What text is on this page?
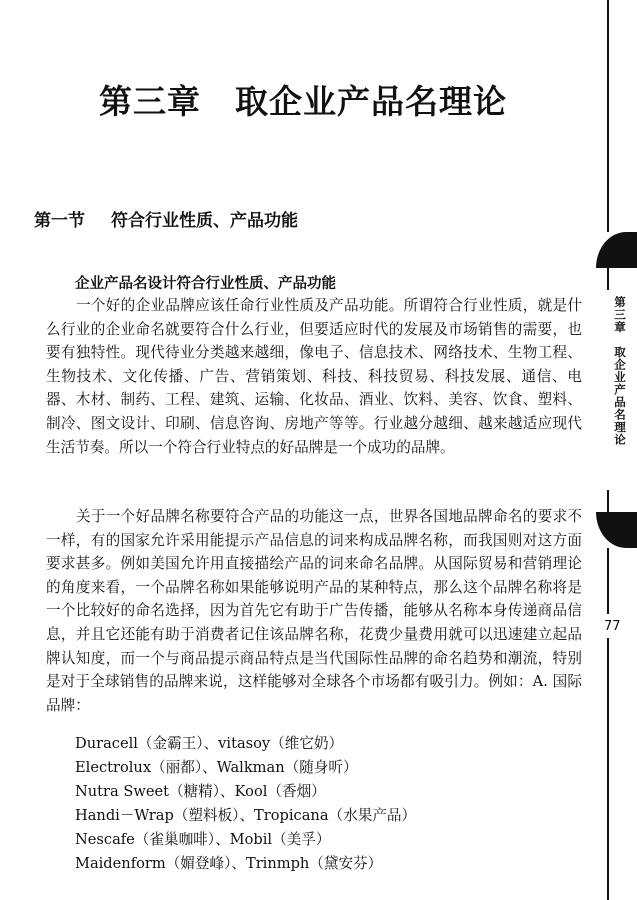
第三章　取企业产品名理论
第一节 符合行业性质、产品功能
企业产品名设计符合行业性质、产品功能

一个好的企业品牌应该任命行业性质及产品功能。所谓符合行业性质，就是什么行业的企业命名就要符合什么行业，但要适应时代的发展及市场销售的需要，也要有独特性。现代待业分类越来越细，像电子、信息技术、网络技术、生物工程、生物技术、文化传播、广告、营销策划、科技、科技贸易、科技发展、通信、电器、木材、制药、工程、建筑、运输、化妆品、酒业、饮料、美容、饮食、塑料、制冷、图文设计、印刷、信息咨询、房地产等等。行业越分越细、越来越适应现代生活节奏。所以一个符合行业特点的好品牌是一个成功的品牌。

关于一个好品牌名称要符合产品的功能这一点，世界各国地品牌命名的要求不一样，有的国家允许采用能提示产品信息的词来构成品牌名称，而我国则对这方面要求甚多。例如美国允许用直接描绘产品的词来命名品牌。从国际贸易和营销理论的角度来看，一个品牌名称如果能够说明产品的某种特点，那么这个品牌名称将是一个比较好的命名选择，因为首先它有助于广告传播，能够从名称本身传递商品信息，并且它还能有助于消费者记住该品牌名称，花费少量费用就可以迅速建立起品牌认知度，而一个与商品提示商品特点是当代国际性品牌的命名趋势和潮流，特别是对于全球销售的品牌来说，这样能够对全球各个市场都有吸引力。例如：A. 国际品牌：

Duracell（金霸王）、vitasoy（维它奶）

Electrolux（丽都）、Walkman（随身听）

Nutra Sweet（糖精）、Kool（香烟）

Handi－Wrap（塑料板）、Tropicana（水果产品）

Nescafe（雀巢咖啡）、Mobil（美孚）

Maidenform（媚登峰）、Trinmph（黛安芬）

第三章　取企业产品名理论

77
